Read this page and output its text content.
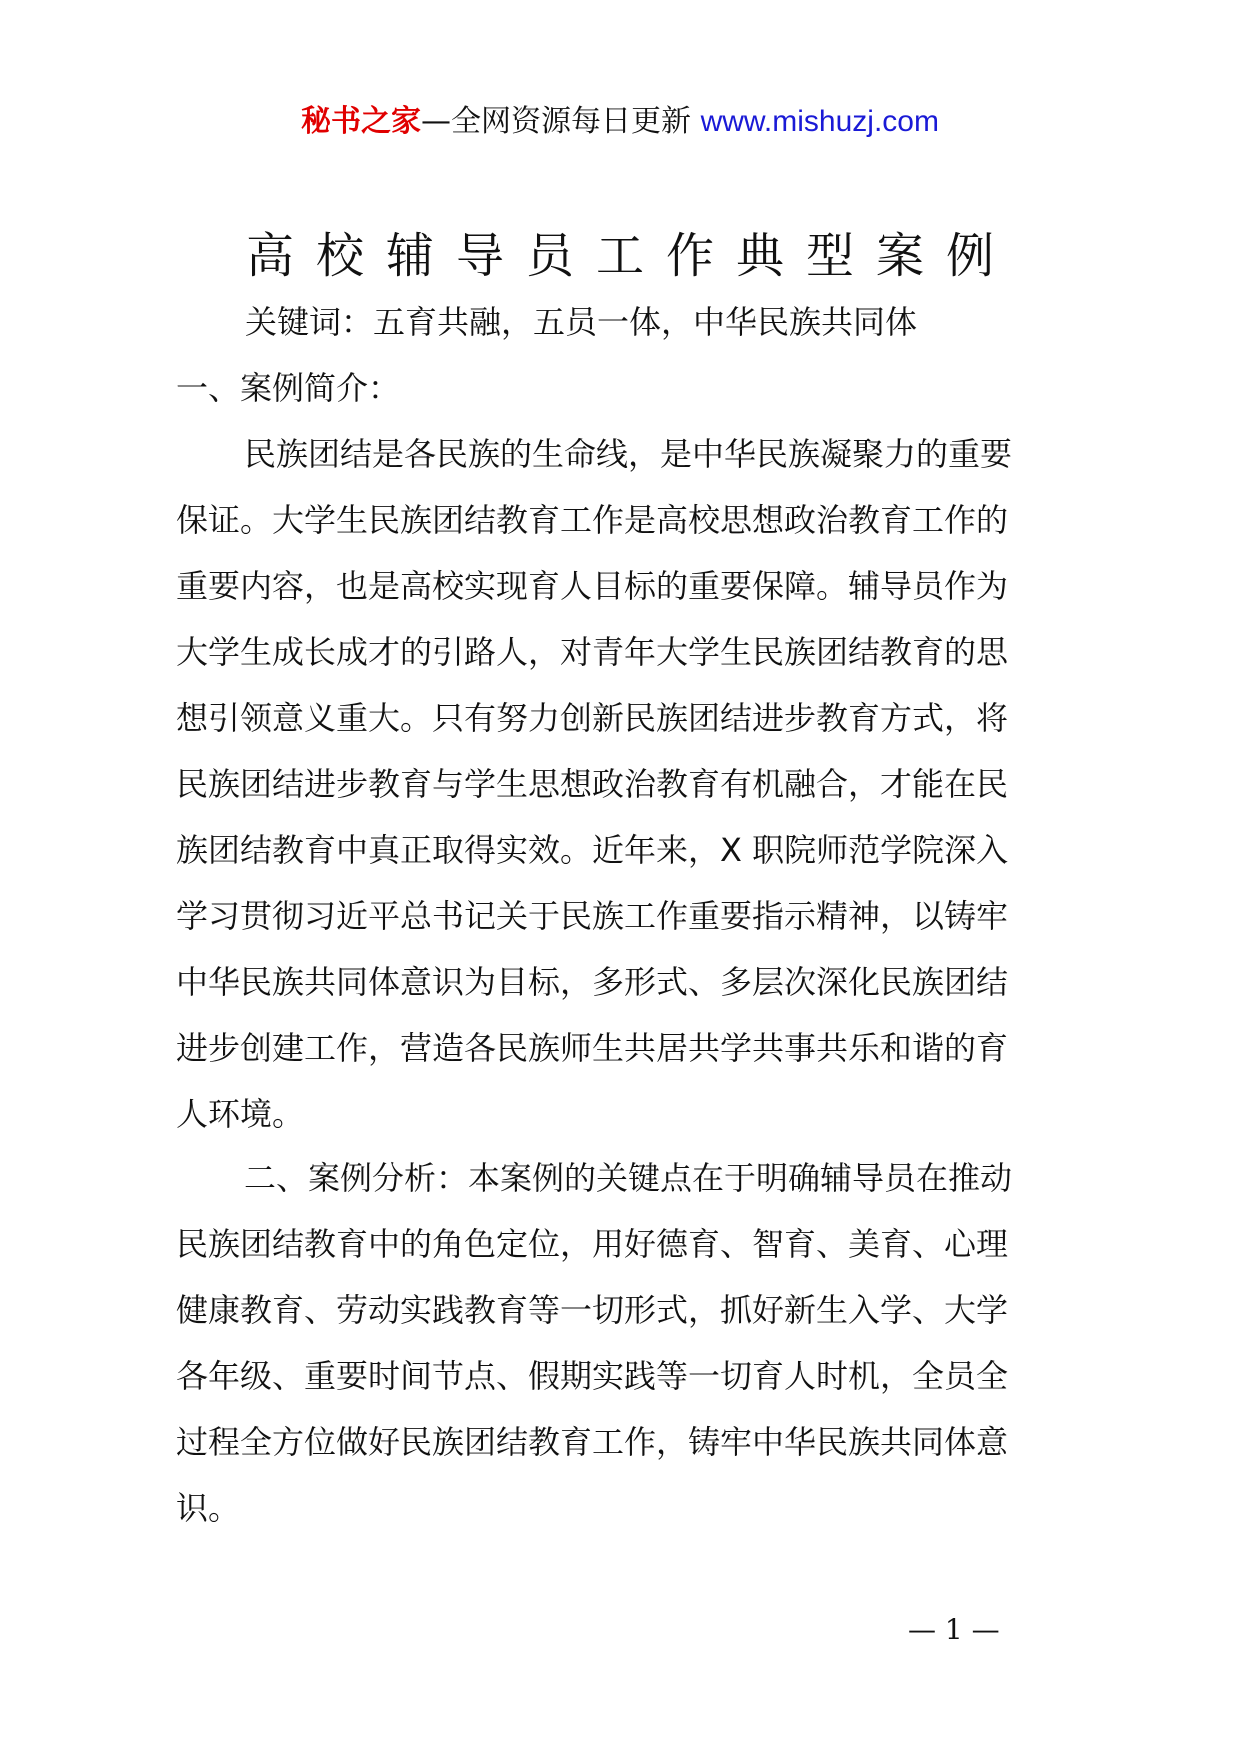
秘书之家—全网资源每日更新 www.mishuzj.com
高校辅导员工作典型案例
关键词：五育共融，五员一体，中华民族共同体
一、案例简介：
民族团结是各民族的生命线，是中华民族凝聚力的重要
保证。大学生民族团结教育工作是高校思想政治教育工作的
重要内容，也是高校实现育人目标的重要保障。辅导员作为
大学生成长成才的引路人，对青年大学生民族团结教育的思
想引领意义重大。只有努力创新民族团结进步教育方式，将
民族团结进步教育与学生思想政治教育有机融合，才能在民
族团结教育中真正取得实效。近年来，X 职院师范学院深入
学习贯彻习近平总书记关于民族工作重要指示精神，以铸牢
中华民族共同体意识为目标，多形式、多层次深化民族团结
进步创建工作，营造各民族师生共居共学共事共乐和谐的育
人环境。
二、案例分析：本案例的关键点在于明确辅导员在推动
民族团结教育中的角色定位，用好德育、智育、美育、心理
健康教育、劳动实践教育等一切形式，抓好新生入学、大学
各年级、重要时间节点、假期实践等一切育人时机，全员全
过程全方位做好民族团结教育工作，铸牢中华民族共同体意
识。
— 1 —
